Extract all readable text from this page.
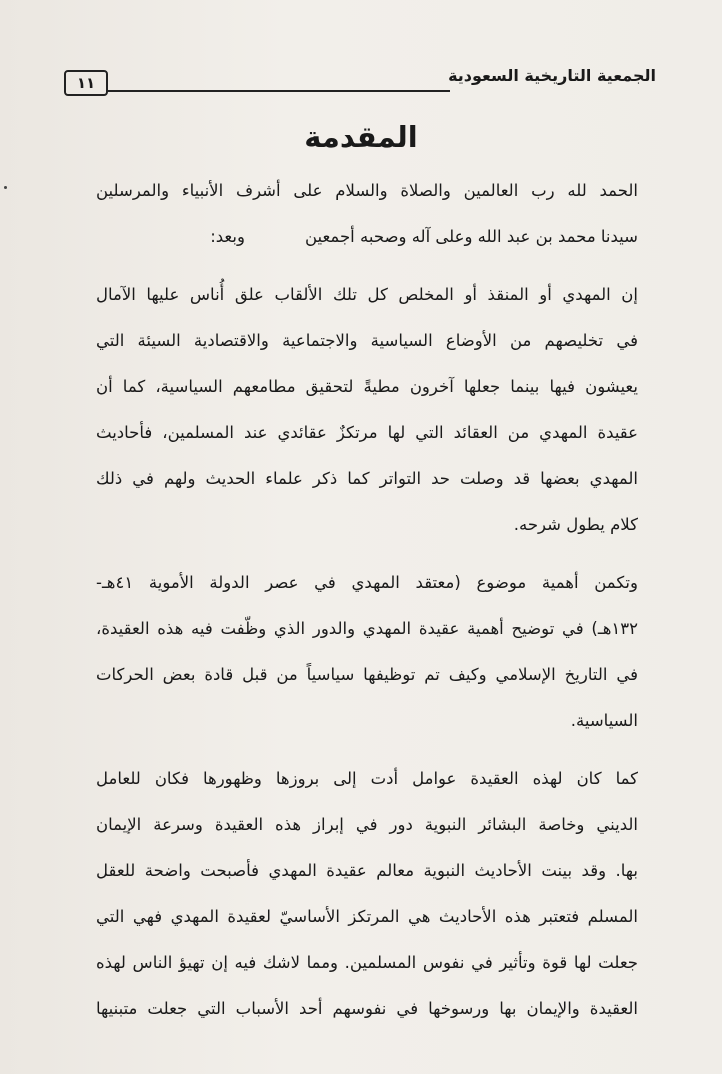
الجمعية التاريخية السعودية
١١
المقدمة
الحمد لله رب العالمين والصلاة والسلام على أشرف الأنبياء والمرسلين
سيدنا محمد بن عبد الله وعلى آله وصحبه أجمعينوبعد:
إن المهدي أو المنقذ أو المخلص كل تلك الألقاب علق أُناس عليها الآمال
في تخليصهم من الأوضاع السياسية والاجتماعية والاقتصادية السيئة التي
يعيشون فيها بينما جعلها آخرون مطيةً لتحقيق مطامعهم السياسية، كما أن
عقيدة المهدي من العقائد التي لها مرتكزٌ عقائدي عند المسلمين، فأحاديث
المهدي بعضها قد وصلت حد التواتر كما ذكر علماء الحديث ولهم في ذلك
كلام يطول شرحه.
وتكمن أهمية موضوع (معتقد المهدي في عصر الدولة الأموية ٤١هـ-
١٣٢هـ) في توضيح أهمية عقيدة المهدي والدور الذي وظّفت فيه هذه العقيدة،
في التاريخ الإسلامي وكيف تم توظيفها سياسياً من قبل قادة بعض الحركات
السياسية.
كما كان لهذه العقيدة عوامل أدت إلى بروزها وظهورها فكان للعامل
الديني وخاصة البشائر النبوية دور في إبراز هذه العقيدة وسرعة الإيمان
بها. وقد بينت الأحاديث النبوية معالم عقيدة المهدي فأصبحت واضحة للعقل
المسلم فتعتبر هذه الأحاديث هي المرتكز الأساسيّ لعقيدة المهدي فهي التي
جعلت لها قوة وتأثير في نفوس المسلمين. ومما لاشك فيه إن تهيؤ الناس لهذه
العقيدة والإيمان بها ورسوخها في نفوسهم أحد الأسباب التي جعلت متبنيها
